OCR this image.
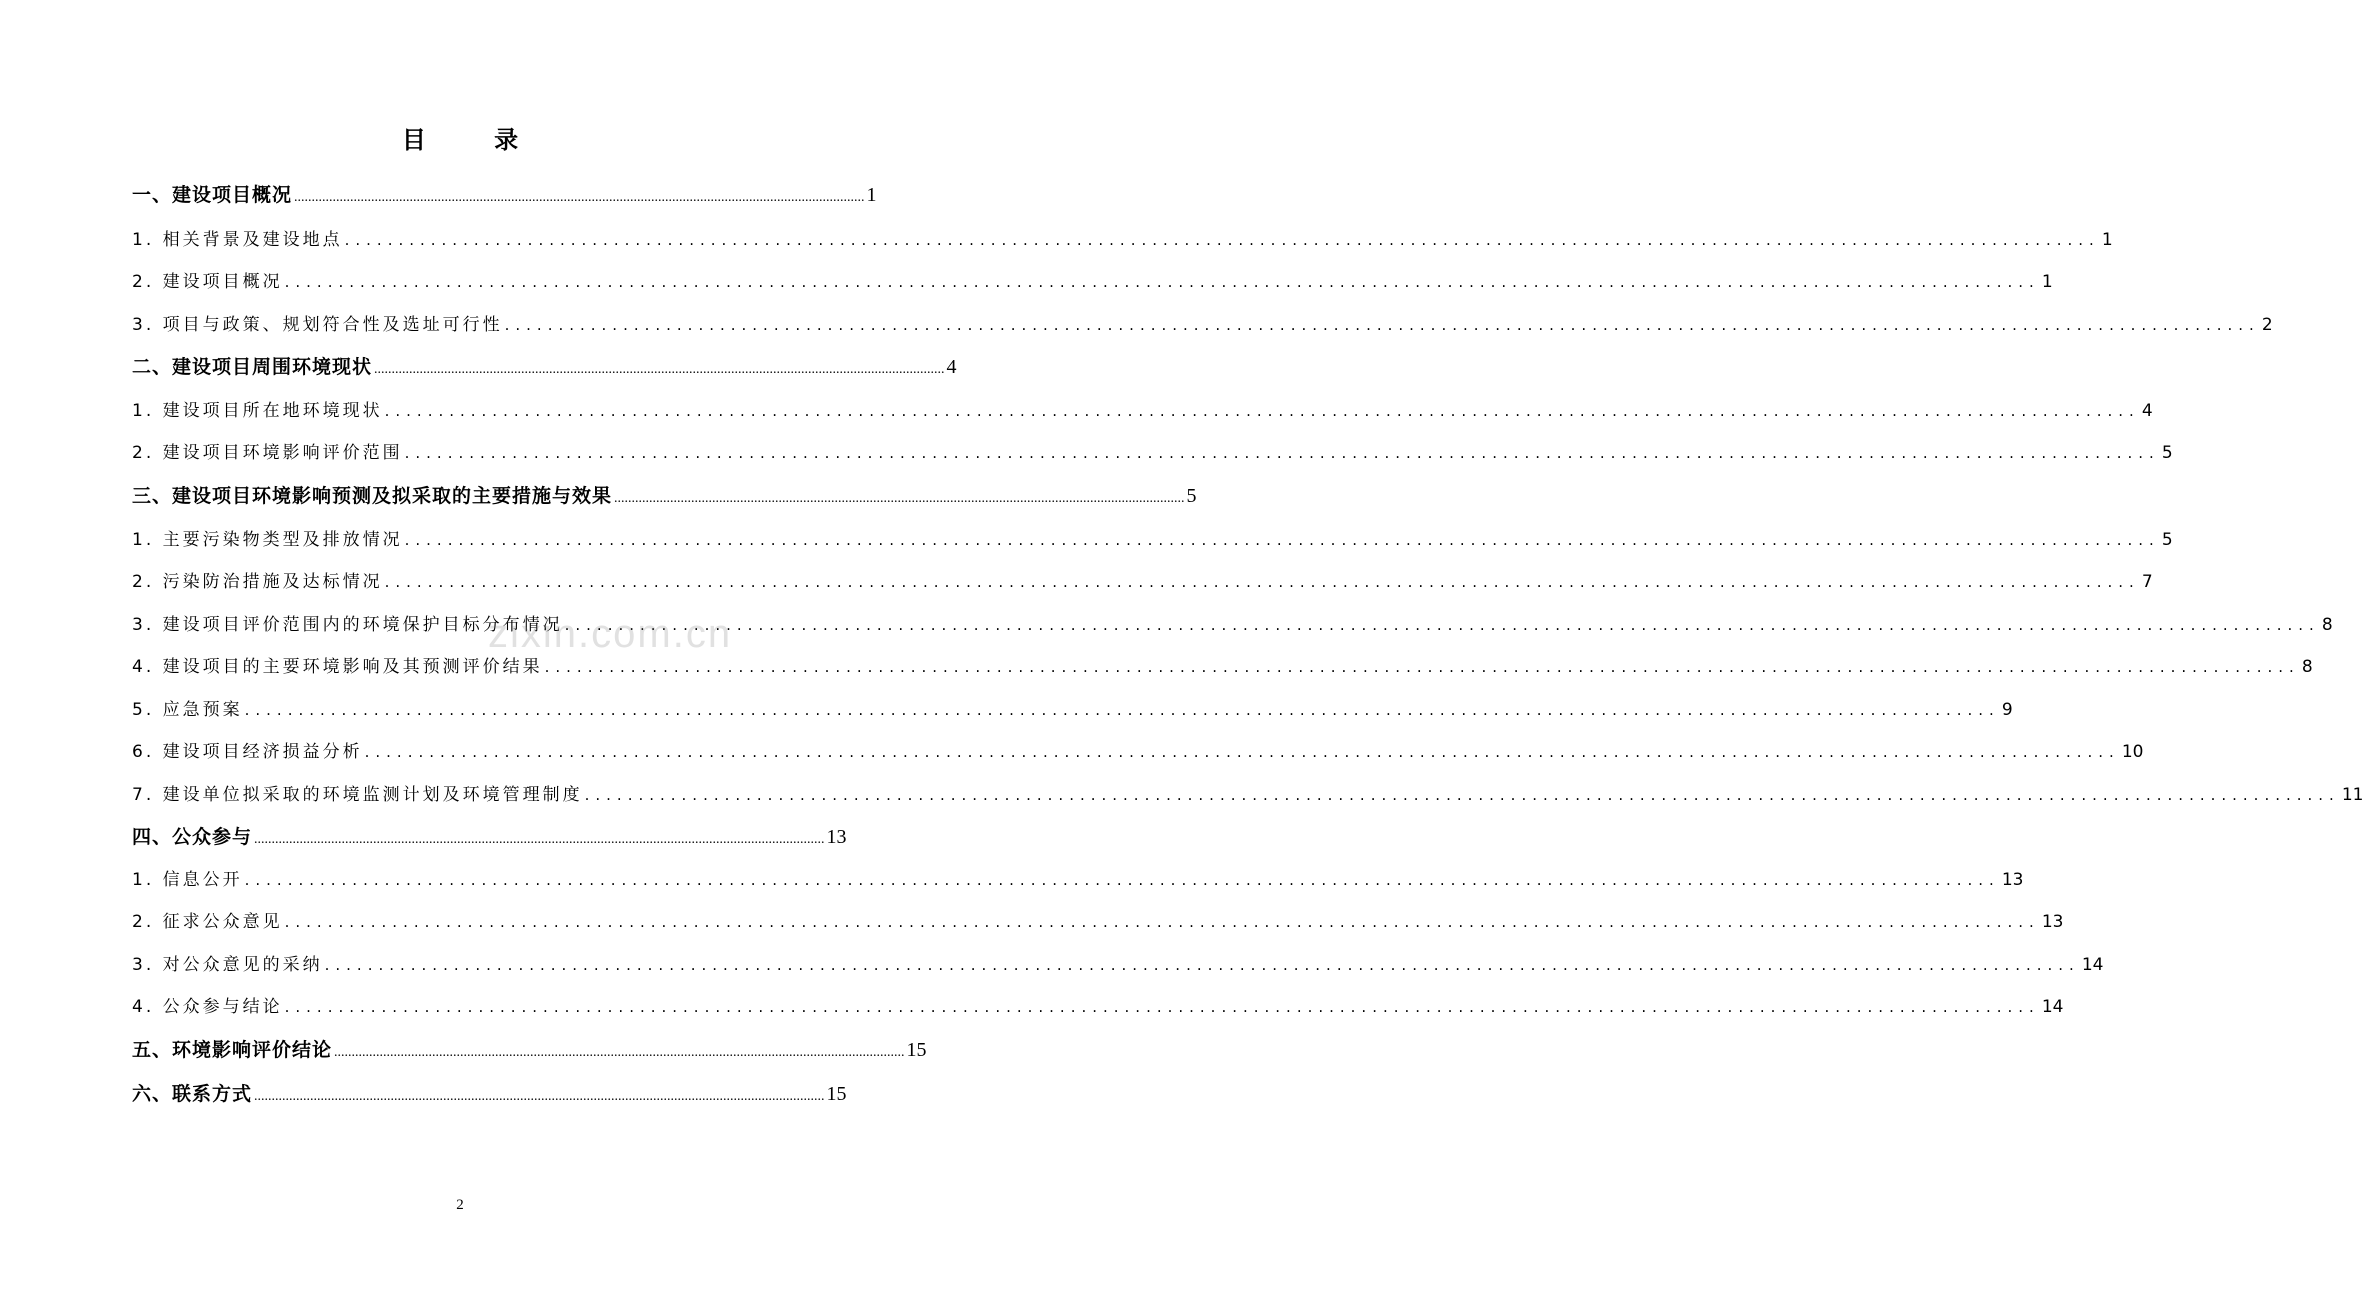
目 录
一、建设项目概况 ................................................................................................................................................................... 1
1. 相关背景及建设地点 ................................................................................................................................................................... 1
2. 建设项目概况 ................................................................................................................................................................... 1
3. 项目与政策、规划符合性及选址可行性 ................................................................................................................................................................... 2
二、建设项目周围环境现状 ................................................................................................................................................................... 4
1. 建设项目所在地环境现状 ................................................................................................................................................................... 4
2. 建设项目环境影响评价范围 ................................................................................................................................................................... 5
三、建设项目环境影响预测及拟采取的主要措施与效果 ................................................................................................................................................................... 5
1. 主要污染物类型及排放情况 ................................................................................................................................................................... 5
2. 污染防治措施及达标情况 ................................................................................................................................................................... 7
3. 建设项目评价范围内的环境保护目标分布情况 ................................................................................................................................................................... 8
4. 建设项目的主要环境影响及其预测评价结果 ................................................................................................................................................................... 8
5. 应急预案 ................................................................................................................................................................... 9
6. 建设项目经济损益分析 ................................................................................................................................................................... 10
7. 建设单位拟采取的环境监测计划及环境管理制度 ................................................................................................................................................................... 11
四、公众参与 ................................................................................................................................................................... 13
1. 信息公开 ................................................................................................................................................................... 13
2. 征求公众意见 ................................................................................................................................................................... 13
3. 对公众意见的采纳 ................................................................................................................................................................... 14
4. 公众参与结论 ................................................................................................................................................................... 14
五、环境影响评价结论 ................................................................................................................................................................... 15
六、联系方式 ................................................................................................................................................................... 15
zixin.com.cn
2
